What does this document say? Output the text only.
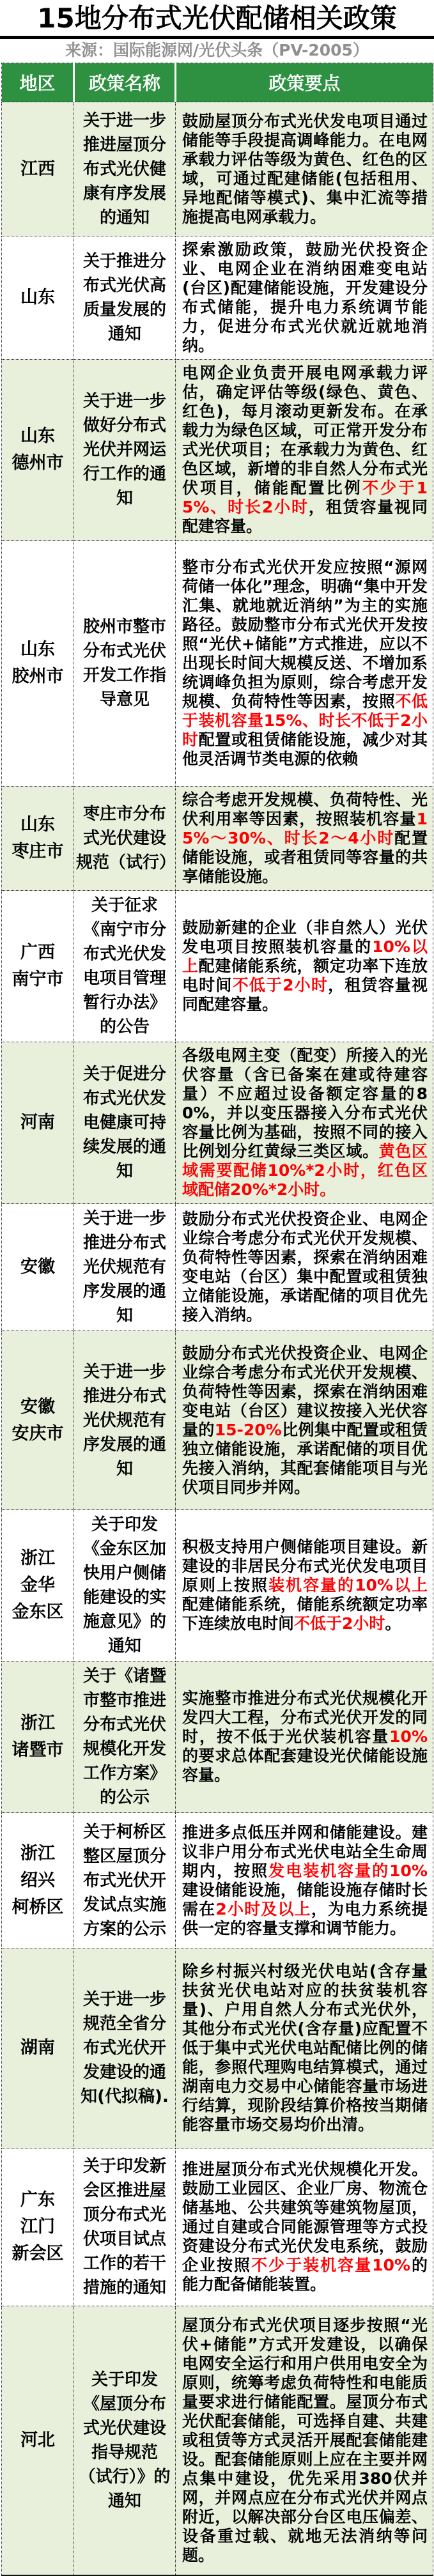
15地分布式光伏配储相关政策
来源：国际能源网/光伏头条（PV-2005）
地区	政策名称	政策要点

江西	关于进一步推进屋顶分布式光伏健康有序发展的通知	鼓励屋顶分布式光伏发电项目通过储能等手段提高调峰能力。在电网承载力评估等级为黄色、红色的区域，可通过配建储能(包括租用、异地配储等模式)、集中汇流等措施提高电网承载力。

山东	关于推进分布式光伏高质量发展的通知	探索激励政策，鼓励光伏投资企业、电网企业在消纳困难变电站(台区)配建储能设施，开发建设分布式储能，提升电力系统调节能力，促进分布式光伏就近就地消纳。

山东
德州市	关于进一步做好分布式光伏并网运行工作的通知	电网企业负责开展电网承载力评估，确定评估等级(绿色、黄色、红色)，每月滚动更新发布。在承载力为绿色区域，可正常开发分布式光伏项目；在承载力为黄色、红色区域，新增的非自然人分布式光伏项目，储能配置比例不少于15%、时长2小时，租赁容量视同配建容量。

山东
胶州市	胶州市整市分布式光伏开发工作指导意见	整市分布式光伏开发应按照“源网荷储一体化”理念，明确“集中开发汇集、就地就近消纳”为主的实施路径。鼓励整市分布式光伏开发按照“光伏+储能”方式推进，应以不出现长时间大规模反送、不增加系统调峰负担为原则，综合考虑开发规模、负荷特性等因素，按照不低于装机容量15%、时长不低于2小时配置或租赁储能设施，减少对其他灵活调节类电源的依赖

山东
枣庄市	枣庄市分布式光伏建设规范（试行）	综合考虑开发规模、负荷特性、光伏利用率等因素，按照装机容量15%～30%、时长2～4小时配置储能设施，或者租赁同等容量的共享储能设施。

广西
南宁市	关于征求《南宁市分布式光伏发电项目管理暂行办法》的公告	鼓励新建的企业（非自然人）光伏发电项目按照装机容量的10%以上配建储能系统，额定功率下连放电时间不低于2小时，租赁容量视同配建容量。

河南	关于促进分布式光伏发电健康可持续发展的通知	各级电网主变（配变）所接入的光伏容量（含已备案在建或待建容量）不应超过设备额定容量的80%，并以变压器接入分布式光伏容量比例为基础，按照不同的接入比例划分红黄绿三类区域。黄色区域需要配储10%*2小时，红色区域配储20%*2小时。

安徽	关于进一步推进分布式光伏规范有序发展的通知	鼓励分布式光伏投资企业、电网企业综合考虑分布式光伏开发规模、负荷特性等因素，探索在消纳困难变电站（台区）集中配置或租赁独立储能设施，承诺配储的项目优先接入消纳。

安徽
安庆市	关于进一步推进分布式光伏规范有序发展的通知	鼓励分布式光伏投资企业、电网企业综合考虑分布式光伏开发规模、负荷特性等因素，探索在消纳困难变电站（台区）建议按接入光伏容量的15-20%比例集中配置或租赁独立储能设施，承诺配储的项目优先接入消纳，其配套储能项目与光伏项目同步并网。

浙江
金华
金东区	关于印发《金东区加快用户侧储能建设的实施意见》的通知	积极支持用户侧储能项目建设。新建设的非居民分布式光伏发电项目原则上按照装机容量的10%以上配建储能系统，储能系统额定功率下连续放电时间不低于2小时。

浙江
诸暨市	关于《诸暨市整市推进分布式光伏规模化开发工作方案》的公示	实施整市推进分布式光伏规模化开发四大工程，分布式光伏开发的同时，按不低于光伏装机容量10%的要求总体配套建设光伏储能设施容量。

浙江
绍兴
柯桥区	关于柯桥区整区屋顶分布式光伏开发试点实施方案的公示	推进多点低压并网和储能建设。建议非户用分布式光伏电站全生命周期内，按照发电装机容量的10%建设储能设施，储能设施存储时长需在2小时及以上，为电力系统提供一定的容量支撑和调节能力。

湖南	关于进一步规范全省分布式光伏开发建设的通知(代拟稿).	除乡村振兴村级光伏电站(含存量扶贫光伏电站对应的扶贫装机容量)、户用自然人分布式光伏外，其他分布式光伏(含存量)应配置不低于集中式光伏电站配储比例的储能，参照代理购电结算模式，通过湖南电力交易中心储能容量市场进行结算，现阶段结算价格按当期储能容量市场交易均价出清。

广东
江门
新会区	关于印发新会区推进屋顶分布式光伏项目试点工作的若干措施的通知	推进屋顶分布式光伏规模化开发。鼓励工业园区、企业厂房、物流仓储基地、公共建筑等建筑物屋顶，通过自建或合同能源管理等方式投资建设分布式光伏发电系统，鼓励企业按照不少于装机容量10%的能力配备储能装置。

河北	关于印发《屋顶分布式光伏建设指导规范（试行）》的通知	屋顶分布式光伏项目逐步按照“光伏+储能”方式开发建设，以确保电网安全运行和用户供用电安全为原则，统筹考虑负荷特性和电能质量要求进行储能配置。屋顶分布式光伏配套储能，可选择自建、共建或租赁等方式灵活开展配套储能建设。配套储能原则上应在主要并网点集中建设，优先采用380伏并网，并网点应在分布式光伏并网点附近，以解决部分台区电压偏差、设备重过载、就地无法消纳等问题。
